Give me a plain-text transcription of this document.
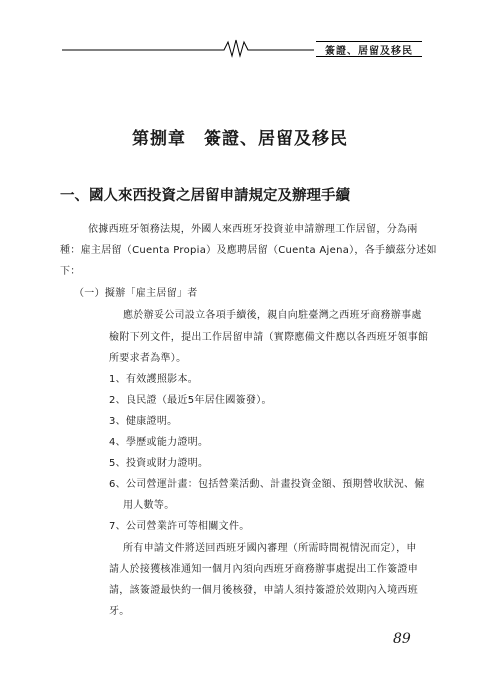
簽證、居留及移民
第捌章　簽證、居留及移民
一、國人來西投資之居留申請規定及辦理手續
依據西班牙領務法規，外國人來西班牙投資並申請辦理工作居留，分為兩
種：雇主居留（Cuenta Propia）及應聘居留（Cuenta Ajena），各手續茲分述如
下：
（一）擬辦「雇主居留」者
應於辦妥公司設立各項手續後，親自向駐臺灣之西班牙商務辦事處
檢附下列文件，提出工作居留申請（實際應備文件應以各西班牙領事館
所要求者為準）。
1、有效護照影本。
2、良民證（最近5年居住國簽發）。
3、健康證明。
4、學歷或能力證明。
5、投資或財力證明。
6、公司營運計畫：包括營業活動、計畫投資金額、預期營收狀況、僱
用人數等。
7、公司營業許可等相關文件。
所有申請文件將送回西班牙國內審理（所需時間視情況而定），申
請人於接獲核准通知一個月內須向西班牙商務辦事處提出工作簽證申
請，該簽證最快約一個月後核發，申請人須持簽證於效期內入境西班
牙。
89
